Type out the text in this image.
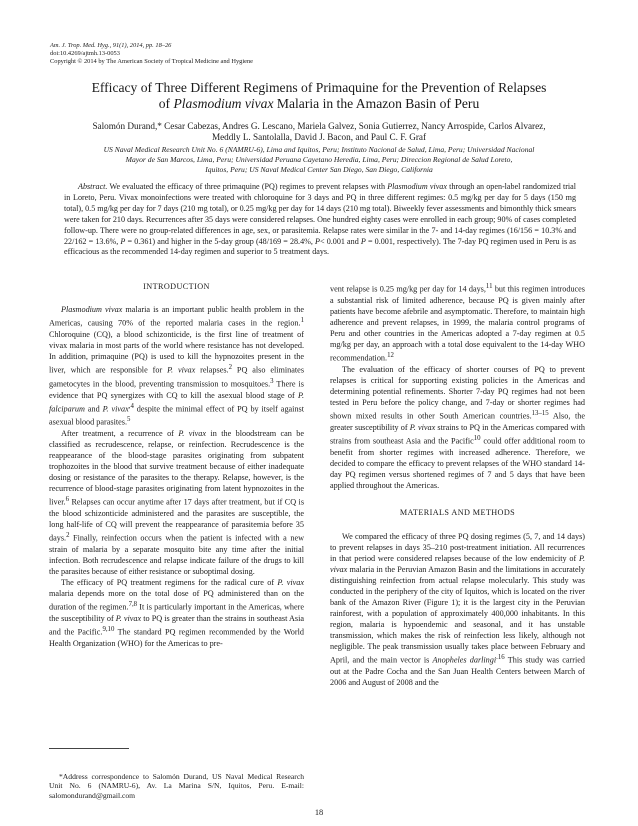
Am. J. Trop. Med. Hyg., 91(1), 2014, pp. 18–26
doi:10.4269/ajtmh.13-0053
Copyright © 2014 by The American Society of Tropical Medicine and Hygiene
Efficacy of Three Different Regimens of Primaquine for the Prevention of Relapses
of Plasmodium vivax Malaria in the Amazon Basin of Peru
Salomón Durand,* Cesar Cabezas, Andres G. Lescano, Mariela Galvez, Sonia Gutierrez, Nancy Arrospide, Carlos Alvarez,
Meddly L. Santolalla, David J. Bacon, and Paul C. F. Graf
US Naval Medical Research Unit No. 6 (NAMRU-6), Lima and Iquitos, Peru; Instituto Nacional de Salud, Lima, Peru; Universidad Nacional
Mayor de San Marcos, Lima, Peru; Universidad Peruana Cayetano Heredia, Lima, Peru; Direccion Regional de Salud Loreto,
Iquitos, Peru; US Naval Medical Center San Diego, San Diego, California
Abstract. We evaluated the efficacy of three primaquine (PQ) regimes to prevent relapses with Plasmodium vivax through an open-label randomized trial in Loreto, Peru. Vivax monoinfections were treated with chloroquine for 3 days and PQ in three different regimes: 0.5 mg/kg per day for 5 days (150 mg total), 0.5 mg/kg per day for 7 days (210 mg total), or 0.25 mg/kg per day for 14 days (210 mg total). Biweekly fever assessments and bimonthly thick smears were taken for 210 days. Recurrences after 35 days were considered relapses. One hundred eighty cases were enrolled in each group; 90% of cases completed follow-up. There were no group-related differences in age, sex, or parasitemia. Relapse rates were similar in the 7- and 14-day regimes (16/156 = 10.3% and 22/162 = 13.6%, P = 0.361) and higher in the 5-day group (48/169 = 28.4%, P< 0.001 and P = 0.001, respectively). The 7-day PQ regimen used in Peru is as efficacious as the recommended 14-day regimen and superior to 5 treatment days.
INTRODUCTION

Plasmodium vivax malaria is an important public health problem in the Americas, causing 70% of the reported malaria cases in the region.$^1$ Chloroquine (CQ), a blood schizonticide, is the first line of treatment of vivax malaria in most parts of the world where resistance has not developed. In addition, primaquine (PQ) is used to kill the hypnozoites present in the liver, which are responsible for P. vivax relapses.$^2$ PQ also eliminates gametocytes in the blood, preventing transmission to mosquitoes.$^3$ There is evidence that PQ synergizes with CQ to kill the asexual blood stage of P. falciparum and P. vivax$^{,4}$ despite the minimal effect of PQ by itself against asexual blood parasites.$^5$

After treatment, a recurrence of P. vivax in the bloodstream can be classified as recrudescence, relapse, or reinfection. Recrudescence is the reappearance of the blood-stage parasites originating from subpatent trophozoites in the blood that survive treatment because of either inadequate dosing or resistance of the parasites to the therapy. Relapse, however, is the recurrence of blood-stage parasites originating from latent hypnozoites in the liver.$^6$ Relapses can occur anytime after 17 days after treatment, but if CQ is the blood schizonticide administered and the parasites are susceptible, the long half-life of CQ will prevent the reappearance of parasitemia before 35 days.$^2$ Finally, reinfection occurs when the patient is infected with a new strain of malaria by a separate mosquito bite any time after the initial infection. Both recrudescence and relapse indicate failure of the drugs to kill the parasites because of either resistance or suboptimal dosing.

The efficacy of PQ treatment regimens for the radical cure of P. vivax malaria depends more on the total dose of PQ administered than on the duration of the regimen.$^{7,8}$ It is particularly important in the Americas, where the susceptibility of P. vivax to PQ is greater than the strains in southeast Asia and the Pacific.$^{9,10}$ The standard PQ regimen recommended by the World Health Organization (WHO) for the Americas to pre-

*Address correspondence to Salomón Durand, US Naval Medical Research Unit No. 6 (NAMRU-6), Av. La Marina S/N, Iquitos, Peru. E-mail: salomondurand@gmail.com

vent relapse is 0.25 mg/kg per day for 14 days,$^{11}$ but this regimen introduces a substantial risk of limited adherence, because PQ is given mainly after patients have become afebrile and asymptomatic. Therefore, to maintain high adherence and prevent relapses, in 1999, the malaria control programs of Peru and other countries in the Americas adopted a 7-day regimen at 0.5 mg/kg per day, an approach with a total dose equivalent to the 14-day WHO recommendation.$^{12}$

The evaluation of the efficacy of shorter courses of PQ to prevent relapses is critical for supporting existing policies in the Americas and determining potential refinements. Shorter 7-day PQ regimes had not been tested in Peru before the policy change, and 7-day or shorter regimes had shown mixed results in other South American countries.$^{13-15}$ Also, the greater susceptibility of P. vivax strains to PQ in the Americas compared with strains from southeast Asia and the Pacific$^{10}$ could offer additional room to benefit from shorter regimes with increased adherence. Therefore, we decided to compare the efficacy to prevent relapses of the WHO standard 14-day PQ regimen versus shortened regimes of 7 and 5 days that have been applied throughout the Americas.

MATERIALS AND METHODS

We compared the efficacy of three PQ dosing regimes (5, 7, and 14 days) to prevent relapses in days 35–210 post-treatment initiation. All recurrences in that period were considered relapses because of the low endemicity of P. vivax malaria in the Peruvian Amazon Basin and the limitations in accurately distinguishing reinfection from actual relapse molecularly. This study was conducted in the periphery of the city of Iquitos, which is located on the river bank of the Amazon River (Figure 1); it is the largest city in the Peruvian rainforest, with a population of approximately 400,000 inhabitants. In this region, malaria is hypoendemic and seasonal, and it has unstable transmission, which makes the risk of reinfection less likely, although not negligible. The peak transmission usually takes place between February and April, and the main vector is Anopheles darlingi$^{.16}$ This study was carried out at the Padre Cocha and the San Juan Health Centers between March of 2006 and August of 2008 and the

18
